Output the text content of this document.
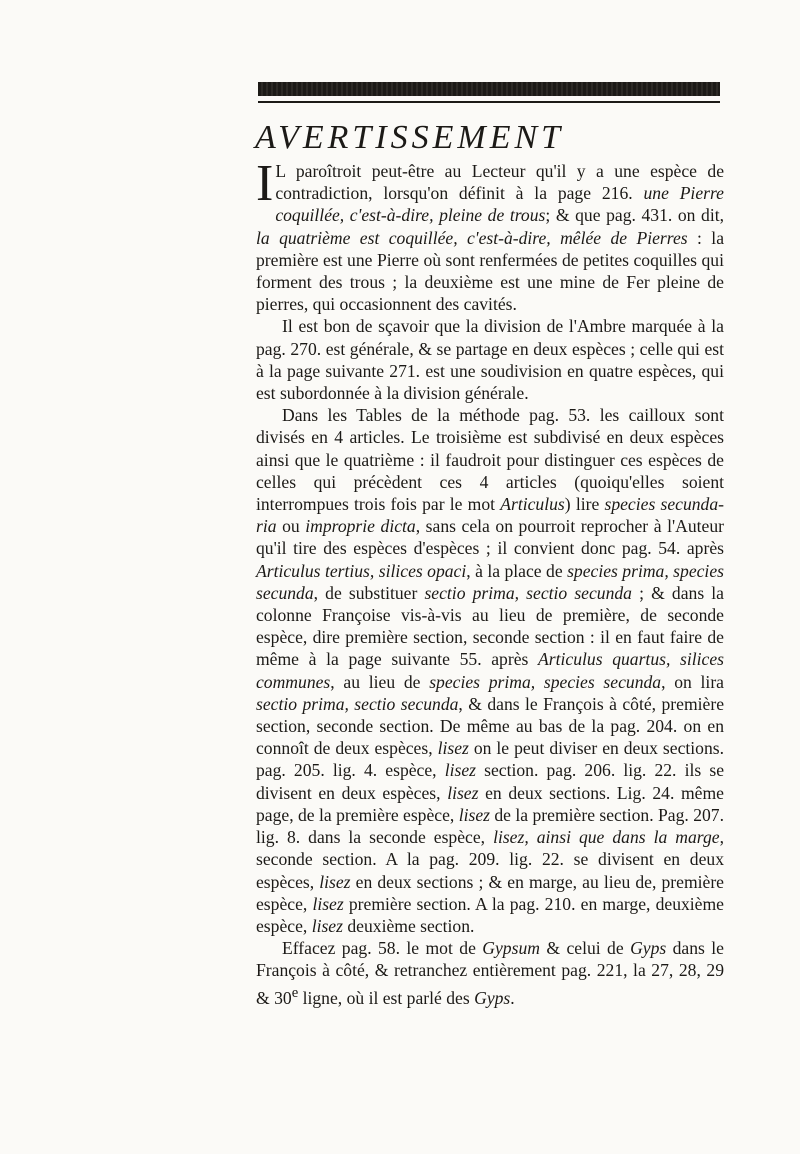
AVERTISSEMENT

I L paroîtroit peut-être au Lecteur qu'il y a une espèce de contradiction, lorsqu'on définit à la page 216. une Pierre coquillée, c'est-à-dire, pleine de trous; & que pag. 431. on dit, la quatrième est coquillée, c'est-à-dire, mêlée de Pierres : la première est une Pierre où sont renfermées de petites coquilles qui forment des trous ; la deuxième est une mine de Fer pleine de pierres, qui occasionnent des cavités.

Il est bon de sçavoir que la division de l'Ambre marquée à la pag. 270. est générale, & se partage en deux espèces ; celle qui est à la page suivante 271. est une soudivision en quatre espèces, qui est subordonnée à la division générale.

Dans les Tables de la méthode pag. 53. les cailloux sont divisés en 4 articles. Le troisième est subdivisé en deux espèces ainsi que le quatrième : il faudroit pour distinguer ces espèces de celles qui précèdent ces 4 articles (quoiqu'elles soient interrompues trois fois par le mot Articulus) lire species secunda-ria ou improprie dicta, sans cela on pourroit reprocher à l'Auteur qu'il tire des espèces d'espèces ; il convient donc pag. 54. après Articulus tertius, silices opaci, à la place de species prima, species secunda, de substituer sectio prima, sectio secunda ; & dans la colonne Françoise vis-à-vis au lieu de première, de seconde espèce, dire première section, seconde section : il en faut faire de même à la page suivante 55. après Articulus quartus, silices communes, au lieu de species prima, species secunda, on lira sectio prima, sectio secunda, & dans le François à côté, première section, seconde section. De même au bas de la pag. 204. on en connoît de deux espèces, lisez on le peut diviser en deux sections. pag. 205. lig. 4. espèce, lisez section. pag. 206. lig. 22. ils se divisent en deux espèces, lisez en deux sections. Lig. 24. même page, de la première espèce, lisez de la première section. Pag. 207. lig. 8. dans la seconde espèce, lisez, ainsi que dans la marge, seconde section. A la pag. 209. lig. 22. se divisent en deux espèces, lisez en deux sections ; & en marge, au lieu de, première espèce, lisez première section. A la pag. 210. en marge, deuxième espèce, lisez deuxième section.

Effacez pag. 58. le mot de Gypsum & celui de Gyps dans le François à côté, & retranchez entièrement pag. 221, la 27, 28, 29 & 30e ligne, où il est parlé des Gyps.
